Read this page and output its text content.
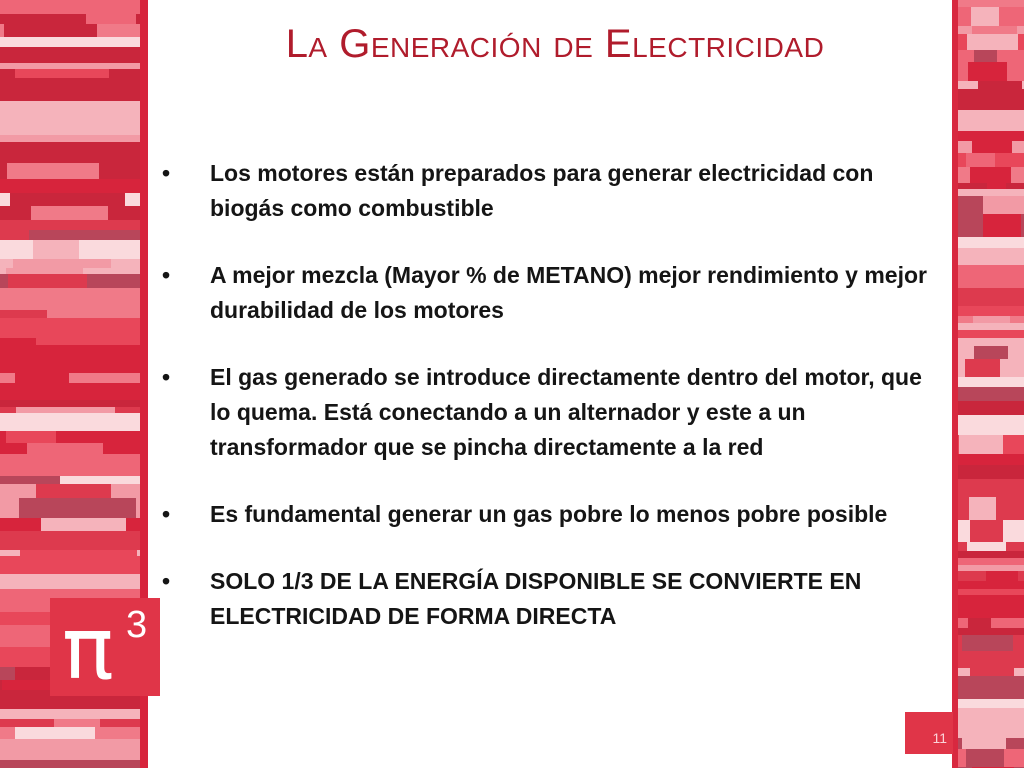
La Generación de Electricidad
• Los motores están preparados para generar electricidad con biogás como combustible
• A mejor mezcla (Mayor % de METANO) mejor rendimiento y mejor durabilidad de los motores
• El gas generado se introduce directamente dentro del motor, que lo quema. Está conectando a un alternador y este a un transformador que se pincha directamente a la red
• Es fundamental generar un gas pobre lo menos pobre posible
• SOLO 1/3 DE LA ENERGÍA DISPONIBLE SE CONVIERTE EN ELECTRICIDAD DE FORMA DIRECTA
π 3
11
